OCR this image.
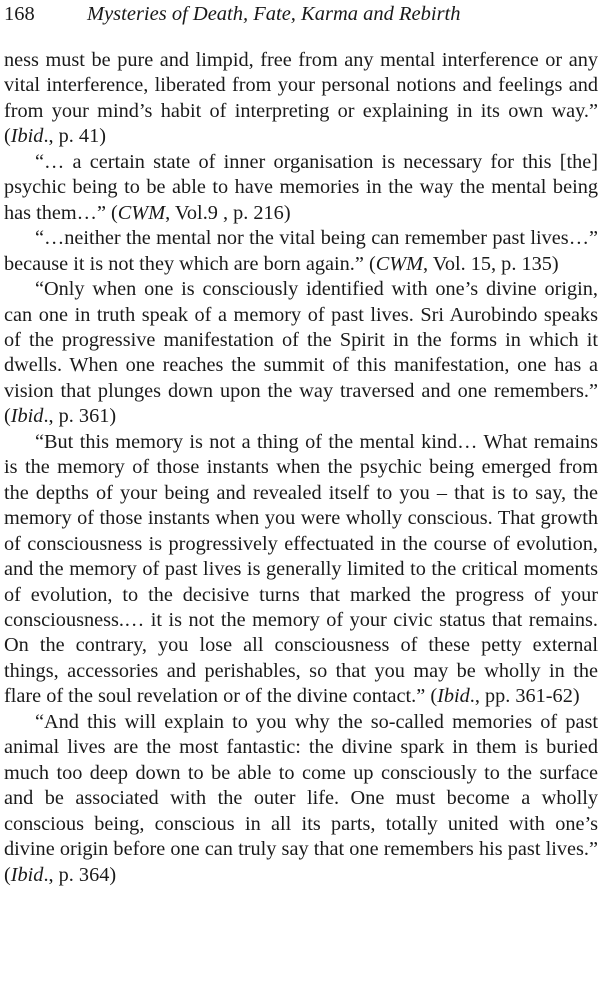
168	Mysteries of Death, Fate, Karma and Rebirth

ness must be pure and limpid, free from any mental interference or any vital interference, liberated from your personal notions and feelings and from your mind’s habit of interpreting or explaining in its own way.” (Ibid., p. 41)

“… a certain state of inner organisation is necessary for this [the] psychic being to be able to have memories in the way the mental being has them…” (CWM, Vol.9 , p. 216)

“…neither the mental nor the vital being can remember past lives…” because it is not they which are born again.” (CWM, Vol. 15, p. 135)

“Only when one is consciously identified with one’s divine origin, can one in truth speak of a memory of past lives. Sri Aurobindo speaks of the progressive manifestation of the Spirit in the forms in which it dwells. When one reaches the summit of this manifestation, one has a vision that plunges down upon the way traversed and one remembers.” (Ibid., p. 361)

“But this memory is not a thing of the mental kind… What remains is the memory of those instants when the psychic being emerged from the depths of your being and revealed itself to you – that is to say, the memory of those instants when you were wholly conscious. That growth of consciousness is progressively effectuated in the course of evolution, and the memory of past lives is generally limited to the critical moments of evolution, to the decisive turns that marked the progress of your consciousness.… it is not the memory of your civic status that remains. On the contrary, you lose all consciousness of these petty external things, accessories and perishables, so that you may be wholly in the flare of the soul revelation or of the divine contact.” (Ibid., pp. 361-62)

“And this will explain to you why the so-called memories of past animal lives are the most fantastic: the divine spark in them is buried much too deep down to be able to come up consciously to the surface and be associated with the outer life. One must become a wholly conscious being, conscious in all its parts, totally united with one’s divine origin before one can truly say that one remembers his past lives.” (Ibid., p. 364)
